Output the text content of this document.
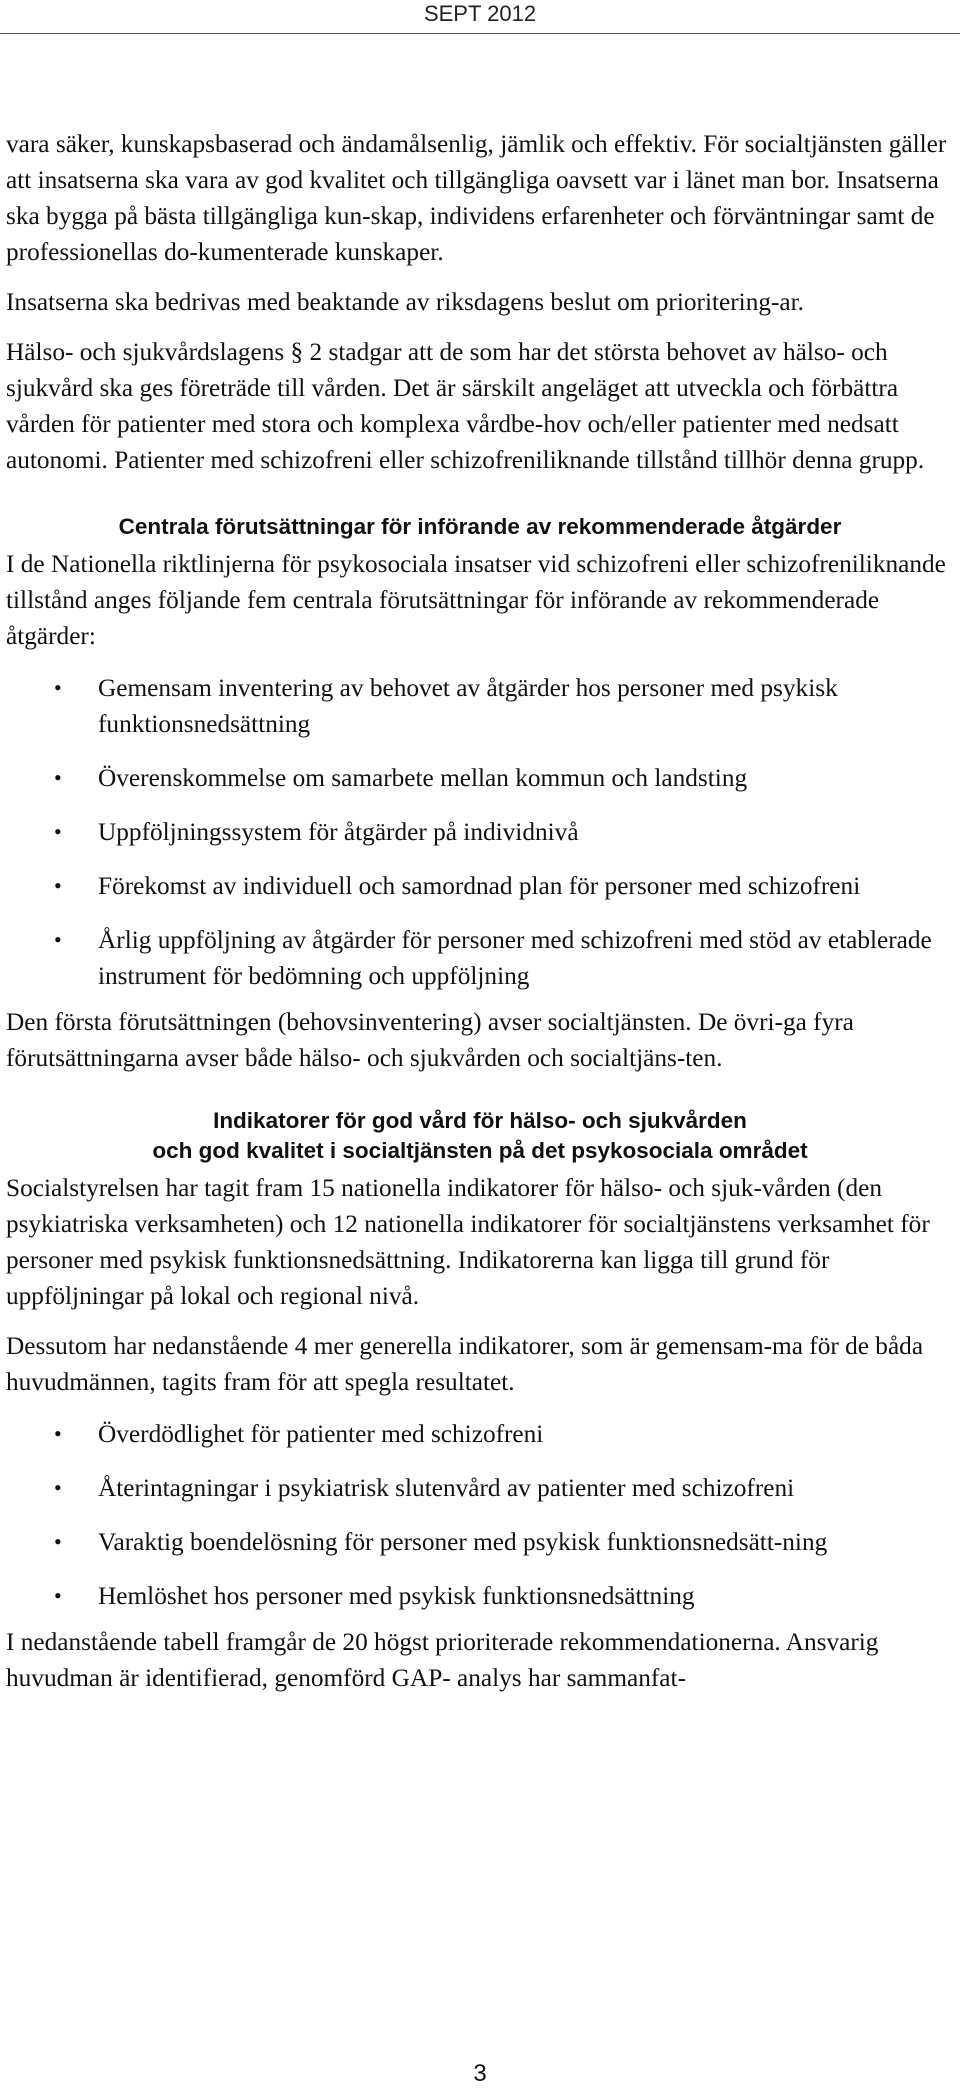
SEPT 2012

vara säker, kunskapsbaserad och ändamålsenlig, jämlik och effektiv. För socialtjänsten gäller att insatserna ska vara av god kvalitet och tillgängliga oavsett var i länet man bor. Insatserna ska bygga på bästa tillgängliga kun-skap, individens erfarenheter och förväntningar samt de professionellas do-kumenterade kunskaper.

Insatserna ska bedrivas med beaktande av riksdagens beslut om prioritering-ar.

Hälso- och sjukvårdslagens § 2 stadgar att de som har det största behovet av hälso- och sjukvård ska ges företräde till vården. Det är särskilt angeläget att utveckla och förbättra vården för patienter med stora och komplexa vårdbe-hov och/eller patienter med nedsatt autonomi. Patienter med schizofreni eller schizofreniliknande tillstånd tillhör denna grupp.

Centrala förutsättningar för införande av rekommenderade åtgärder

I de Nationella riktlinjerna för psykosociala insatser vid schizofreni eller schizofreniliknande tillstånd anges följande fem centrala förutsättningar för införande av rekommenderade åtgärder:

• Gemensam inventering av behovet av åtgärder hos personer med psykisk funktionsnedsättning
• Överenskommelse om samarbete mellan kommun och landsting
• Uppföljningssystem för åtgärder på individnivå
• Förekomst av individuell och samordnad plan för personer med schizofreni
• Årlig uppföljning av åtgärder för personer med schizofreni med stöd av etablerade instrument för bedömning och uppföljning

Den första förutsättningen (behovsinventering) avser socialtjänsten. De övri-ga fyra förutsättningarna avser både hälso- och sjukvården och socialtjäns-ten.

Indikatorer för god vård för hälso- och sjukvården
och god kvalitet i socialtjänsten på det psykosociala området

Socialstyrelsen har tagit fram 15 nationella indikatorer för hälso- och sjuk-vården (den psykiatriska verksamheten) och 12 nationella indikatorer för socialtjänstens verksamhet för personer med psykisk funktionsnedsättning. Indikatorerna kan ligga till grund för uppföljningar på lokal och regional nivå.

Dessutom har nedanstående 4 mer generella indikatorer, som är gemensam-ma för de båda huvudmännen, tagits fram för att spegla resultatet.

• Överdödlighet för patienter med schizofreni
• Återintagningar i psykiatrisk slutenvård av patienter med schizofreni
• Varaktig boendelösning för personer med psykisk funktionsnedsätt-ning
• Hemlöshet hos personer med psykisk funktionsnedsättning

I nedanstående tabell framgår de 20 högst prioriterade rekommendationerna. Ansvarig huvudman är identifierad, genomförd GAP- analys har sammanfat-

3
